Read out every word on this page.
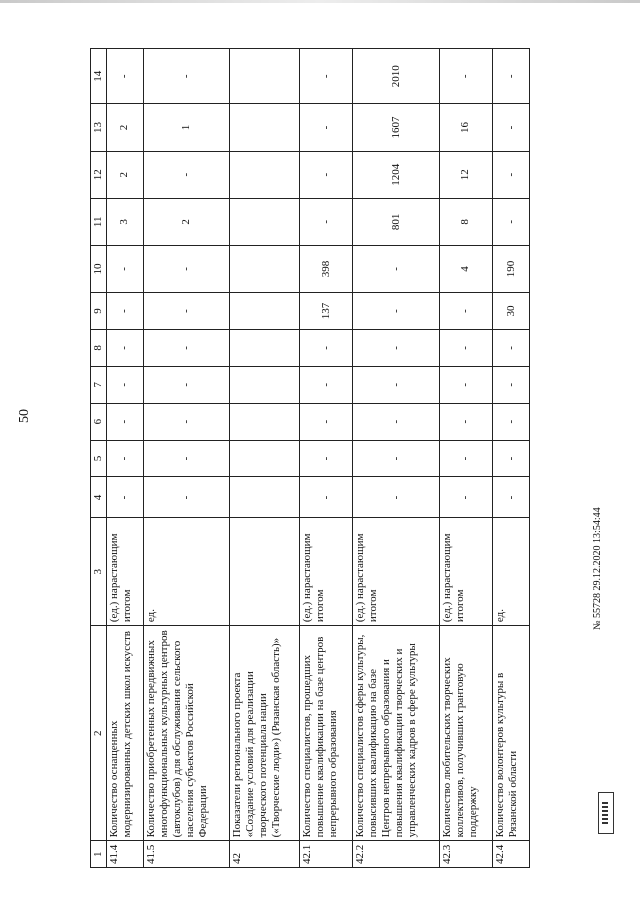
50
1	2	3	4	5	6	7	8	9	10	11	12	13	14
41.4	Количество оснащенных модернизированных детских школ искусств	(ед.) нарастающим итогом	-	-	-	-	-	-	-	3	2	2	-
41.5	Количество приобретенных передвижных многофункциональных культурных центров (автоклубов) для обслуживания сельского населения субъектов Российской Федерации	ед.	-	-	-	-	-	-	-	2	-	1	-
42	Показатели регионального проекта «Создание условий для реализации творческого потенциала нации («Творческие люди») (Рязанская область)»												
42.1	Количество специалистов, прошедших повышение квалификации на базе центров непрерывного образования	(ед.) нарастающим итогом	-	-	-	-	-	137	398	-	-	-	-
42.2	Количество специалистов сферы культуры, повысивших квалификацию на базе Центров непрерывного образования и повышения квалификации творческих и управленческих кадров в сфере культуры	(ед.) нарастающим итогом	-	-	-	-	-	-	-	801	1204	1607	2010
42.3	Количество любительских творческих коллективов, получивших грантовую поддержку	(ед.) нарастающим итогом	-	-	-	-	-	-	4	8	12	16	-
42.4	Количество волонтеров культуры в Рязанской области	ед.	-	-	-	-	-	30	190	-	-	-	-
№ 55728 29.12.2020 13:54:44
